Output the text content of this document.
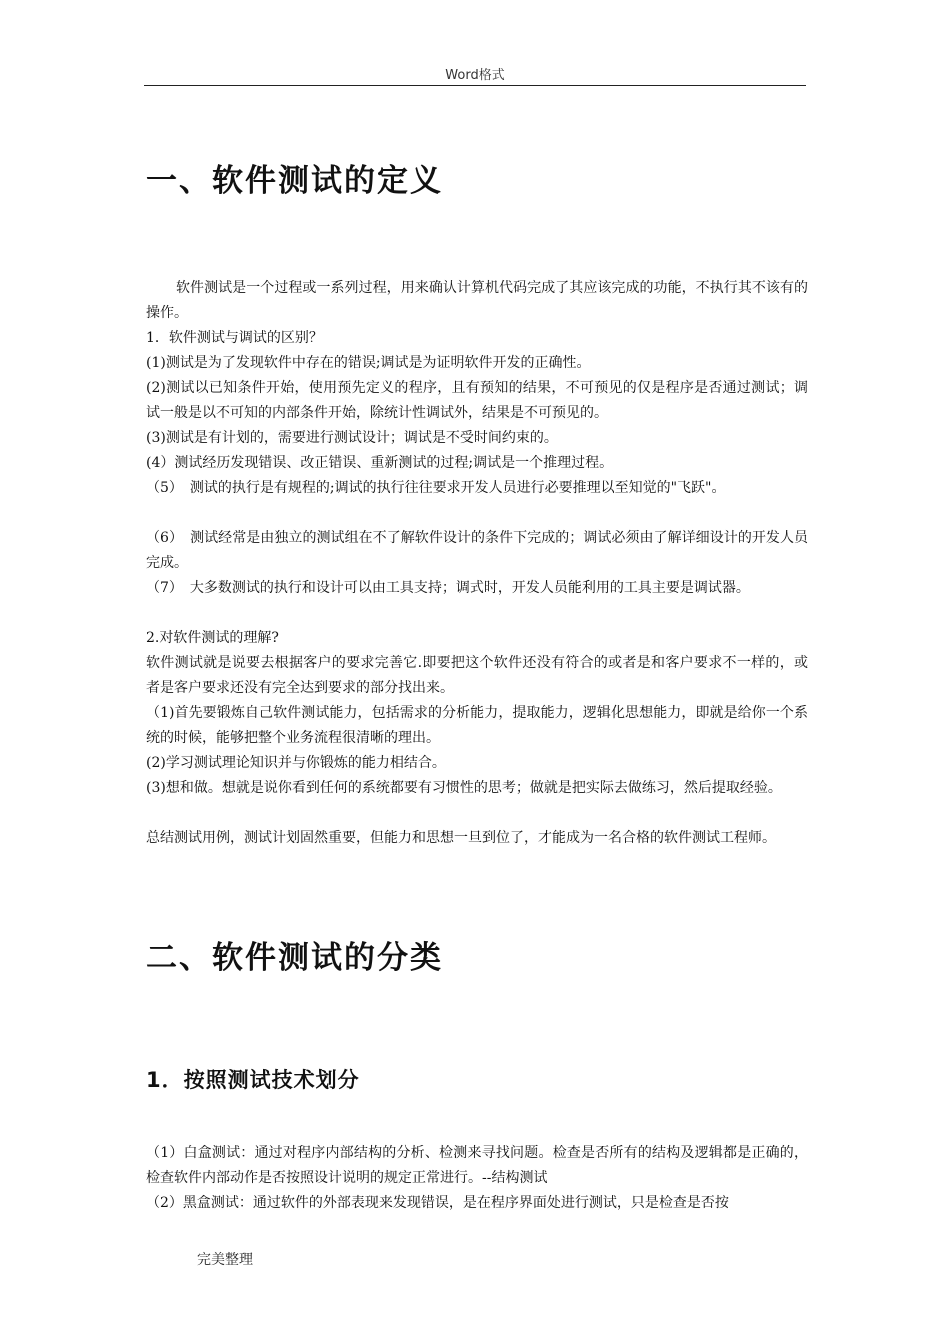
Word格式
一、软件测试的定义

软件测试是一个过程或一系列过程，用来确认计算机代码完成了其应该完成的功能，不执行其不该有的操作。

1．软件测试与调试的区别？

(1)测试是为了发现软件中存在的错误;调试是为证明软件开发的正确性。

(2)测试以已知条件开始，使用预先定义的程序，且有预知的结果，不可预见的仅是程序是否通过测试；调试一般是以不可知的内部条件开始，除统计性调试外，结果是不可预见的。

(3)测试是有计划的，需要进行测试设计；调试是不受时间约束的。

(4）测试经历发现错误、改正错误、重新测试的过程;调试是一个推理过程。

（5）　测试的执行是有规程的;调试的执行往往要求开发人员进行必要推理以至知觉的"飞跃"。

（6）　测试经常是由独立的测试组在不了解软件设计的条件下完成的；调试必须由了解详细设计的开发人员完成。

（7）　大多数测试的执行和设计可以由工具支持；调式时，开发人员能利用的工具主要是调试器。

2.对软件测试的理解?

软件测试就是说要去根据客户的要求完善它.即要把这个软件还没有符合的或者是和客户要求不一样的，或者是客户要求还没有完全达到要求的部分找出来。

（1)首先要锻炼自己软件测试能力，包括需求的分析能力，提取能力，逻辑化思想能力，即就是给你一个系统的时候，能够把整个业务流程很清晰的理出。

(2)学习测试理论知识并与你锻炼的能力相结合。

(3)想和做。想就是说你看到任何的系统都要有习惯性的思考；做就是把实际去做练习，然后提取经验。

总结测试用例，测试计划固然重要，但能力和思想一旦到位了，才能成为一名合格的软件测试工程师。

二、软件测试的分类
1．按照测试技术划分

（1）白盒测试：通过对程序内部结构的分析、检测来寻找问题。检查是否所有的结构及逻辑都是正确的，检查软件内部动作是否按照设计说明的规定正常进行。--结构测试

（2）黑盒测试：通过软件的外部表现来发现错误，是在程序界面处进行测试，只是检查是否按

完美整理
